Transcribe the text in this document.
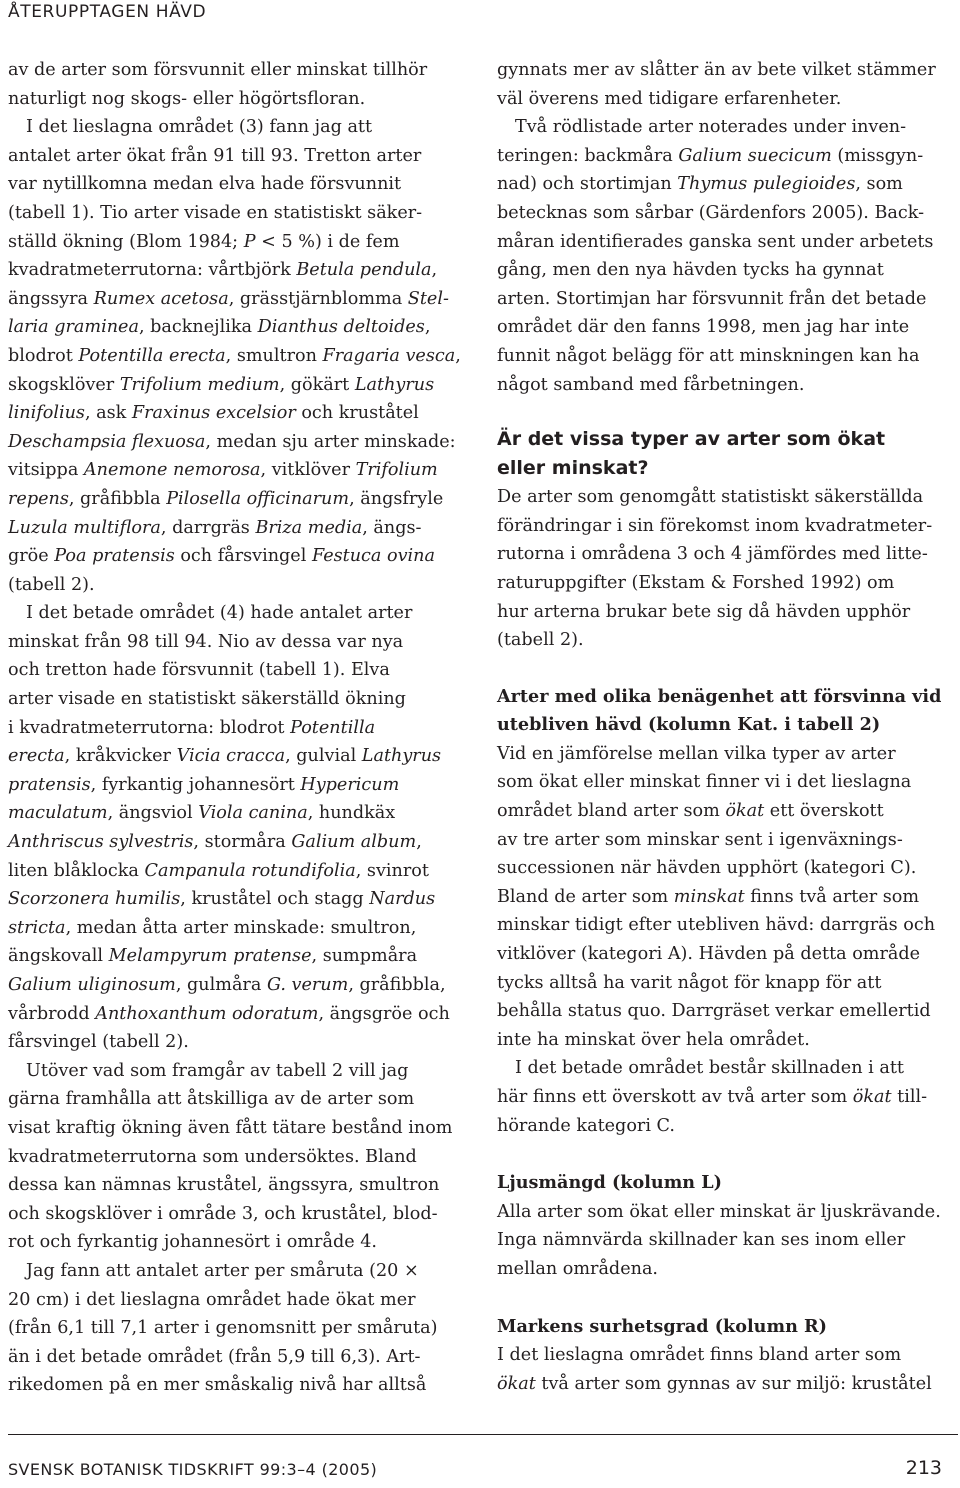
ÅTERUPPTAGEN HÄVD
av de arter som försvunnit eller minskat tillhör
naturligt nog skogs- eller högörtsfloran.
I det lieslagna området (3) fann jag att
antalet arter ökat från 91 till 93. Tretton arter
var nytillkomna medan elva hade försvunnit
(tabell 1). Tio arter visade en statistiskt säker-
ställd ökning (Blom 1984; P < 5 %) i de fem
kvadratmeterrutorna: vårtbjörk Betula pendula,
ängssyra Rumex acetosa, grässtjärnblomma Stel-
laria graminea, backnejlika Dianthus deltoides,
blodrot Potentilla erecta, smultron Fragaria vesca,
skogsklöver Trifolium medium, gökärt Lathyrus
linifolius, ask Fraxinus excelsior och kruståtel
Deschampsia flexuosa, medan sju arter minskade:
vitsippa Anemone nemorosa, vitklöver Trifolium
repens, gråfibbla Pilosella officinarum, ängsfryle
Luzula multiflora, darrgräs Briza media, ängs-
gröe Poa pratensis och fårsvingel Festuca ovina
(tabell 2).
I det betade området (4) hade antalet arter
minskat från 98 till 94. Nio av dessa var nya
och tretton hade försvunnit (tabell 1). Elva
arter visade en statistiskt säkerställd ökning
i kvadratmeterrutorna: blodrot Potentilla
erecta, kråkvicker Vicia cracca, gulvial Lathyrus
pratensis, fyrkantig johannesört Hypericum
maculatum, ängsviol Viola canina, hundkäx
Anthriscus sylvestris, stormåra Galium album,
liten blåklocka Campanula rotundifolia, svinrot
Scorzonera humilis, kruståtel och stagg Nardus
stricta, medan åtta arter minskade: smultron,
ängskovall Melampyrum pratense, sumpmåra
Galium uliginosum, gulmåra G. verum, gråfibbla,
vårbrodd Anthoxanthum odoratum, ängsgröe och
fårsvingel (tabell 2).
Utöver vad som framgår av tabell 2 vill jag
gärna framhålla att åtskilliga av de arter som
visat kraftig ökning även fått tätare bestånd inom
kvadratmeterrutorna som undersöktes. Bland
dessa kan nämnas kruståtel, ängssyra, smultron
och skogsklöver i område 3, och kruståtel, blod-
rot och fyrkantig johannesört i område 4.
Jag fann att antalet arter per småruta (20 ×
20 cm) i det lieslagna området hade ökat mer
(från 6,1 till 7,1 arter i genomsnitt per småruta)
än i det betade området (från 5,9 till 6,3). Art-
rikedomen på en mer småskalig nivå har alltså
gynnats mer av slåtter än av bete vilket stämmer
väl överens med tidigare erfarenheter.
Två rödlistade arter noterades under inven-
teringen: backmåra Galium suecicum (missgyn-
nad) och stortimjan Thymus pulegioides, som
betecknas som sårbar (Gärdenfors 2005). Back-
måran identifierades ganska sent under arbetets
gång, men den nya hävden tycks ha gynnat
arten. Stortimjan har försvunnit från det betade
området där den fanns 1998, men jag har inte
funnit något belägg för att minskningen kan ha
något samband med fårbetningen.
Är det vissa typer av arter som ökat
eller minskat?
De arter som genomgått statistiskt säkerställda
förändringar i sin förekomst inom kvadratmeter-
rutorna i områdena 3 och 4 jämfördes med litte-
raturuppgifter (Ekstam & Forshed 1992) om
hur arterna brukar bete sig då hävden upphör
(tabell 2).
Arter med olika benägenhet att försvinna vid
utebliven hävd (kolumn Kat. i tabell 2)
Vid en jämförelse mellan vilka typer av arter
som ökat eller minskat finner vi i det lieslagna
området bland arter som ökat ett överskott
av tre arter som minskar sent i igenväxnings-
successionen när hävden upphört (kategori C).
Bland de arter som minskat finns två arter som
minskar tidigt efter utebliven hävd: darrgräs och
vitklöver (kategori A). Hävden på detta område
tycks alltså ha varit något för knapp för att
behålla status quo. Darrgräset verkar emellertid
inte ha minskat över hela området.
I det betade området består skillnaden i att
här finns ett överskott av två arter som ökat till-
hörande kategori C.
Ljusmängd (kolumn L)
Alla arter som ökat eller minskat är ljuskrävande.
Inga nämnvärda skillnader kan ses inom eller
mellan områdena.
Markens surhetsgrad (kolumn R)
I det lieslagna området finns bland arter som
ökat två arter som gynnas av sur miljö: kruståtel
SVENSK BOTANISK TIDSKRIFT 99:3–4 (2005)	213
